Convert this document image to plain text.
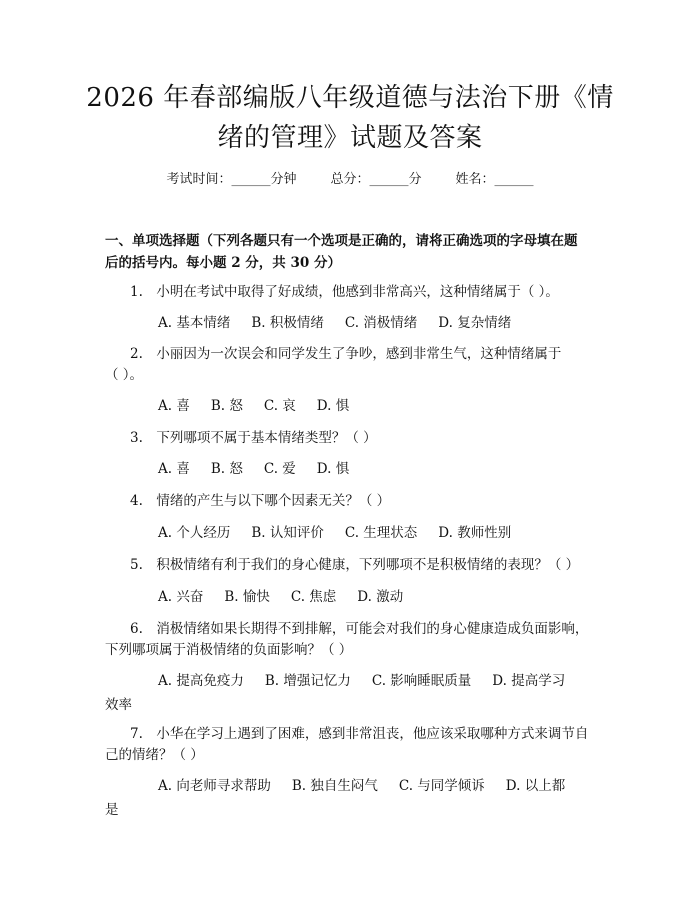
2026 年春部编版八年级道德与法治下册《情
绪的管理》试题及答案
考试时间：______分钟	总分：______分	姓名：______
一、单项选择题（下列各题只有一个选项是正确的，请将正确选项的字母填在题
后的括号内。每小题 2 分，共 30 分）
1.　小明在考试中取得了好成绩，他感到非常高兴，这种情绪属于（ ）。
A. 基本情绪 B. 积极情绪 C. 消极情绪 D. 复杂情绪
2.　小丽因为一次误会和同学发生了争吵，感到非常生气，这种情绪属于
（ ）。
A. 喜 B. 怒 C. 哀 D. 惧
3.　下列哪项不属于基本情绪类型？（ ）
A. 喜 B. 怒 C. 爱 D. 惧
4.　情绪的产生与以下哪个因素无关？（ ）
A. 个人经历 B. 认知评价 C. 生理状态 D. 教师性别
5.　积极情绪有利于我们的身心健康，下列哪项不是积极情绪的表现？（ ）
A. 兴奋 B. 愉快 C. 焦虑 D. 激动
6.　消极情绪如果长期得不到排解，可能会对我们的身心健康造成负面影响，
下列哪项属于消极情绪的负面影响？（ ）
A. 提高免疫力 B. 增强记忆力 C. 影响睡眠质量 D. 提高学习
效率
7.　小华在学习上遇到了困难，感到非常沮丧，他应该采取哪种方式来调节自
己的情绪？（ ）
A. 向老师寻求帮助 B. 独自生闷气 C. 与同学倾诉 D. 以上都
是
